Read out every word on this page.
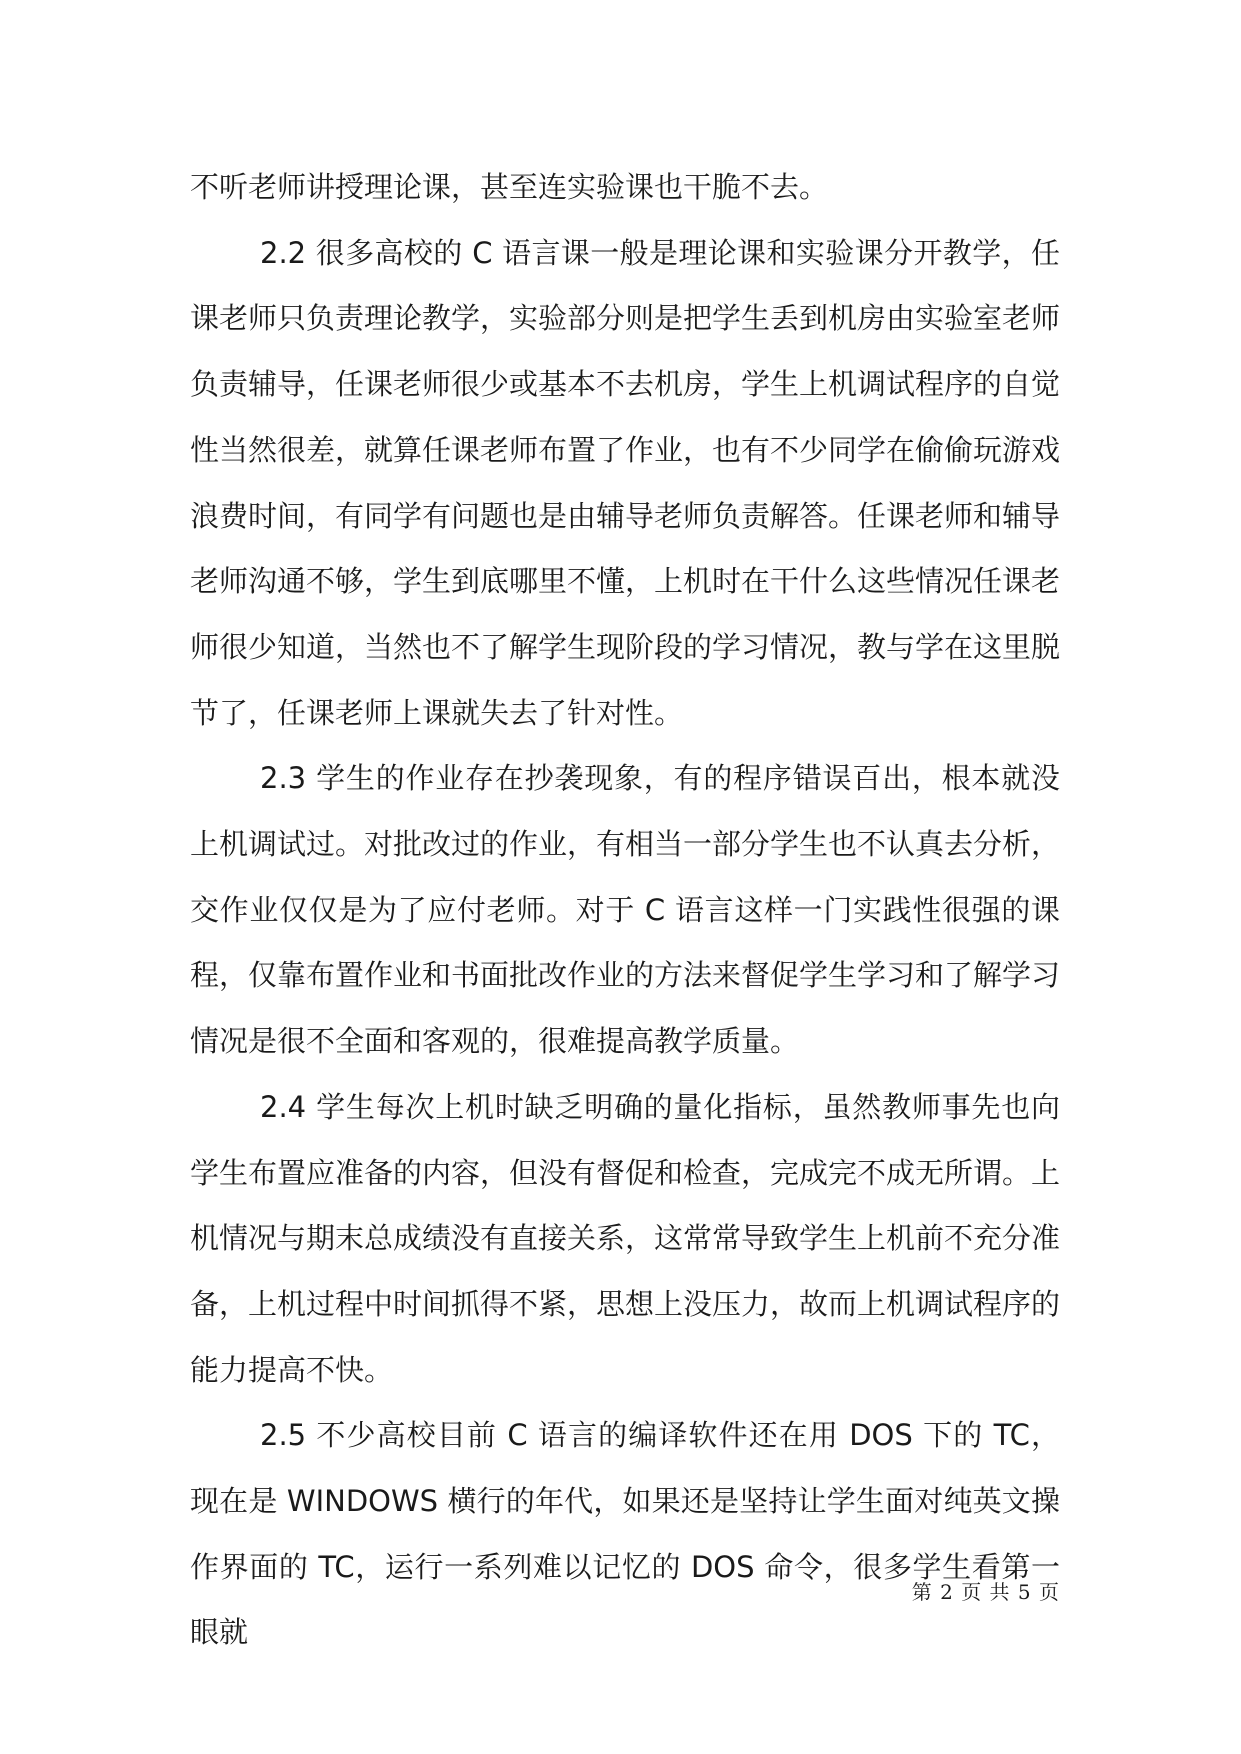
不听老师讲授理论课，甚至连实验课也干脆不去。

2.2 很多高校的 C 语言课一般是理论课和实验课分开教学，任课老师只负责理论教学，实验部分则是把学生丢到机房由实验室老师负责辅导，任课老师很少或基本不去机房，学生上机调试程序的自觉性当然很差，就算任课老师布置了作业，也有不少同学在偷偷玩游戏浪费时间，有同学有问题也是由辅导老师负责解答。任课老师和辅导老师沟通不够，学生到底哪里不懂，上机时在干什么这些情况任课老师很少知道，当然也不了解学生现阶段的学习情况，教与学在这里脱节了，任课老师上课就失去了针对性。

2.3 学生的作业存在抄袭现象，有的程序错误百出，根本就没上机调试过。对批改过的作业，有相当一部分学生也不认真去分析，交作业仅仅是为了应付老师。对于 C 语言这样一门实践性很强的课程，仅靠布置作业和书面批改作业的方法来督促学生学习和了解学习情况是很不全面和客观的，很难提高教学质量。

2.4 学生每次上机时缺乏明确的量化指标，虽然教师事先也向学生布置应准备的内容，但没有督促和检查，完成完不成无所谓。上机情况与期末总成绩没有直接关系，这常常导致学生上机前不充分准备，上机过程中时间抓得不紧，思想上没压力，故而上机调试程序的能力提高不快。

2.5 不少高校目前 C 语言的编译软件还在用 DOS 下的 TC，现在是 WINDOWS 横行的年代，如果还是坚持让学生面对纯英文操作界面的 TC，运行一系列难以记忆的 DOS 命令，很多学生看第一眼就

第 2 页 共 5 页
